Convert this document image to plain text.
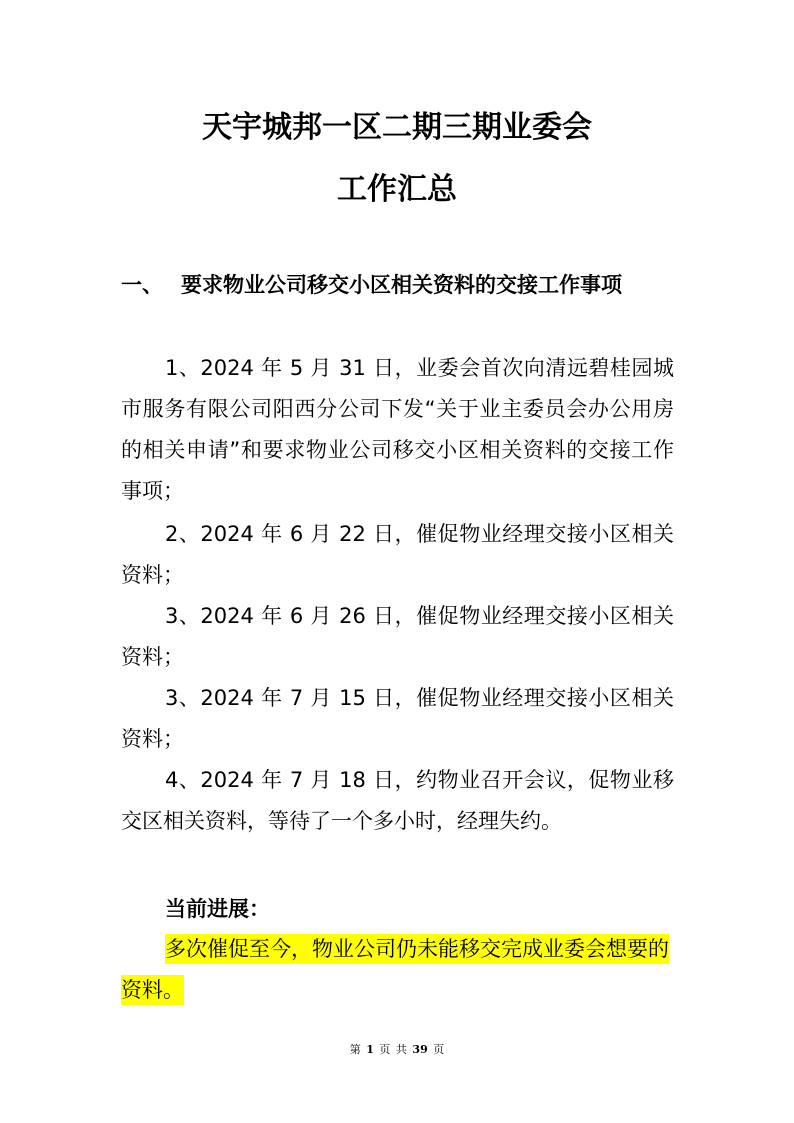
天宇城邦一区二期三期业委会
工作汇总
一、 要求物业公司移交小区相关资料的交接工作事项
1、2024 年 5 月 31 日，业委会首次向清远碧桂园城市服务有限公司阳西分公司下发“关于业主委员会办公用房的相关申请”和要求物业公司移交小区相关资料的交接工作事项；
2、2024 年 6 月 22 日，催促物业经理交接小区相关资料；
3、2024 年 6 月 26 日，催促物业经理交接小区相关资料；
3、2024 年 7 月 15 日，催促物业经理交接小区相关资料；
4、2024 年 7 月 18 日，约物业召开会议，促物业移交区相关资料，等待了一个多小时，经理失约。
当前进展：
多次催促至今，物业公司仍未能移交完成业委会想要的资料。
第 1 页 共 39 页
